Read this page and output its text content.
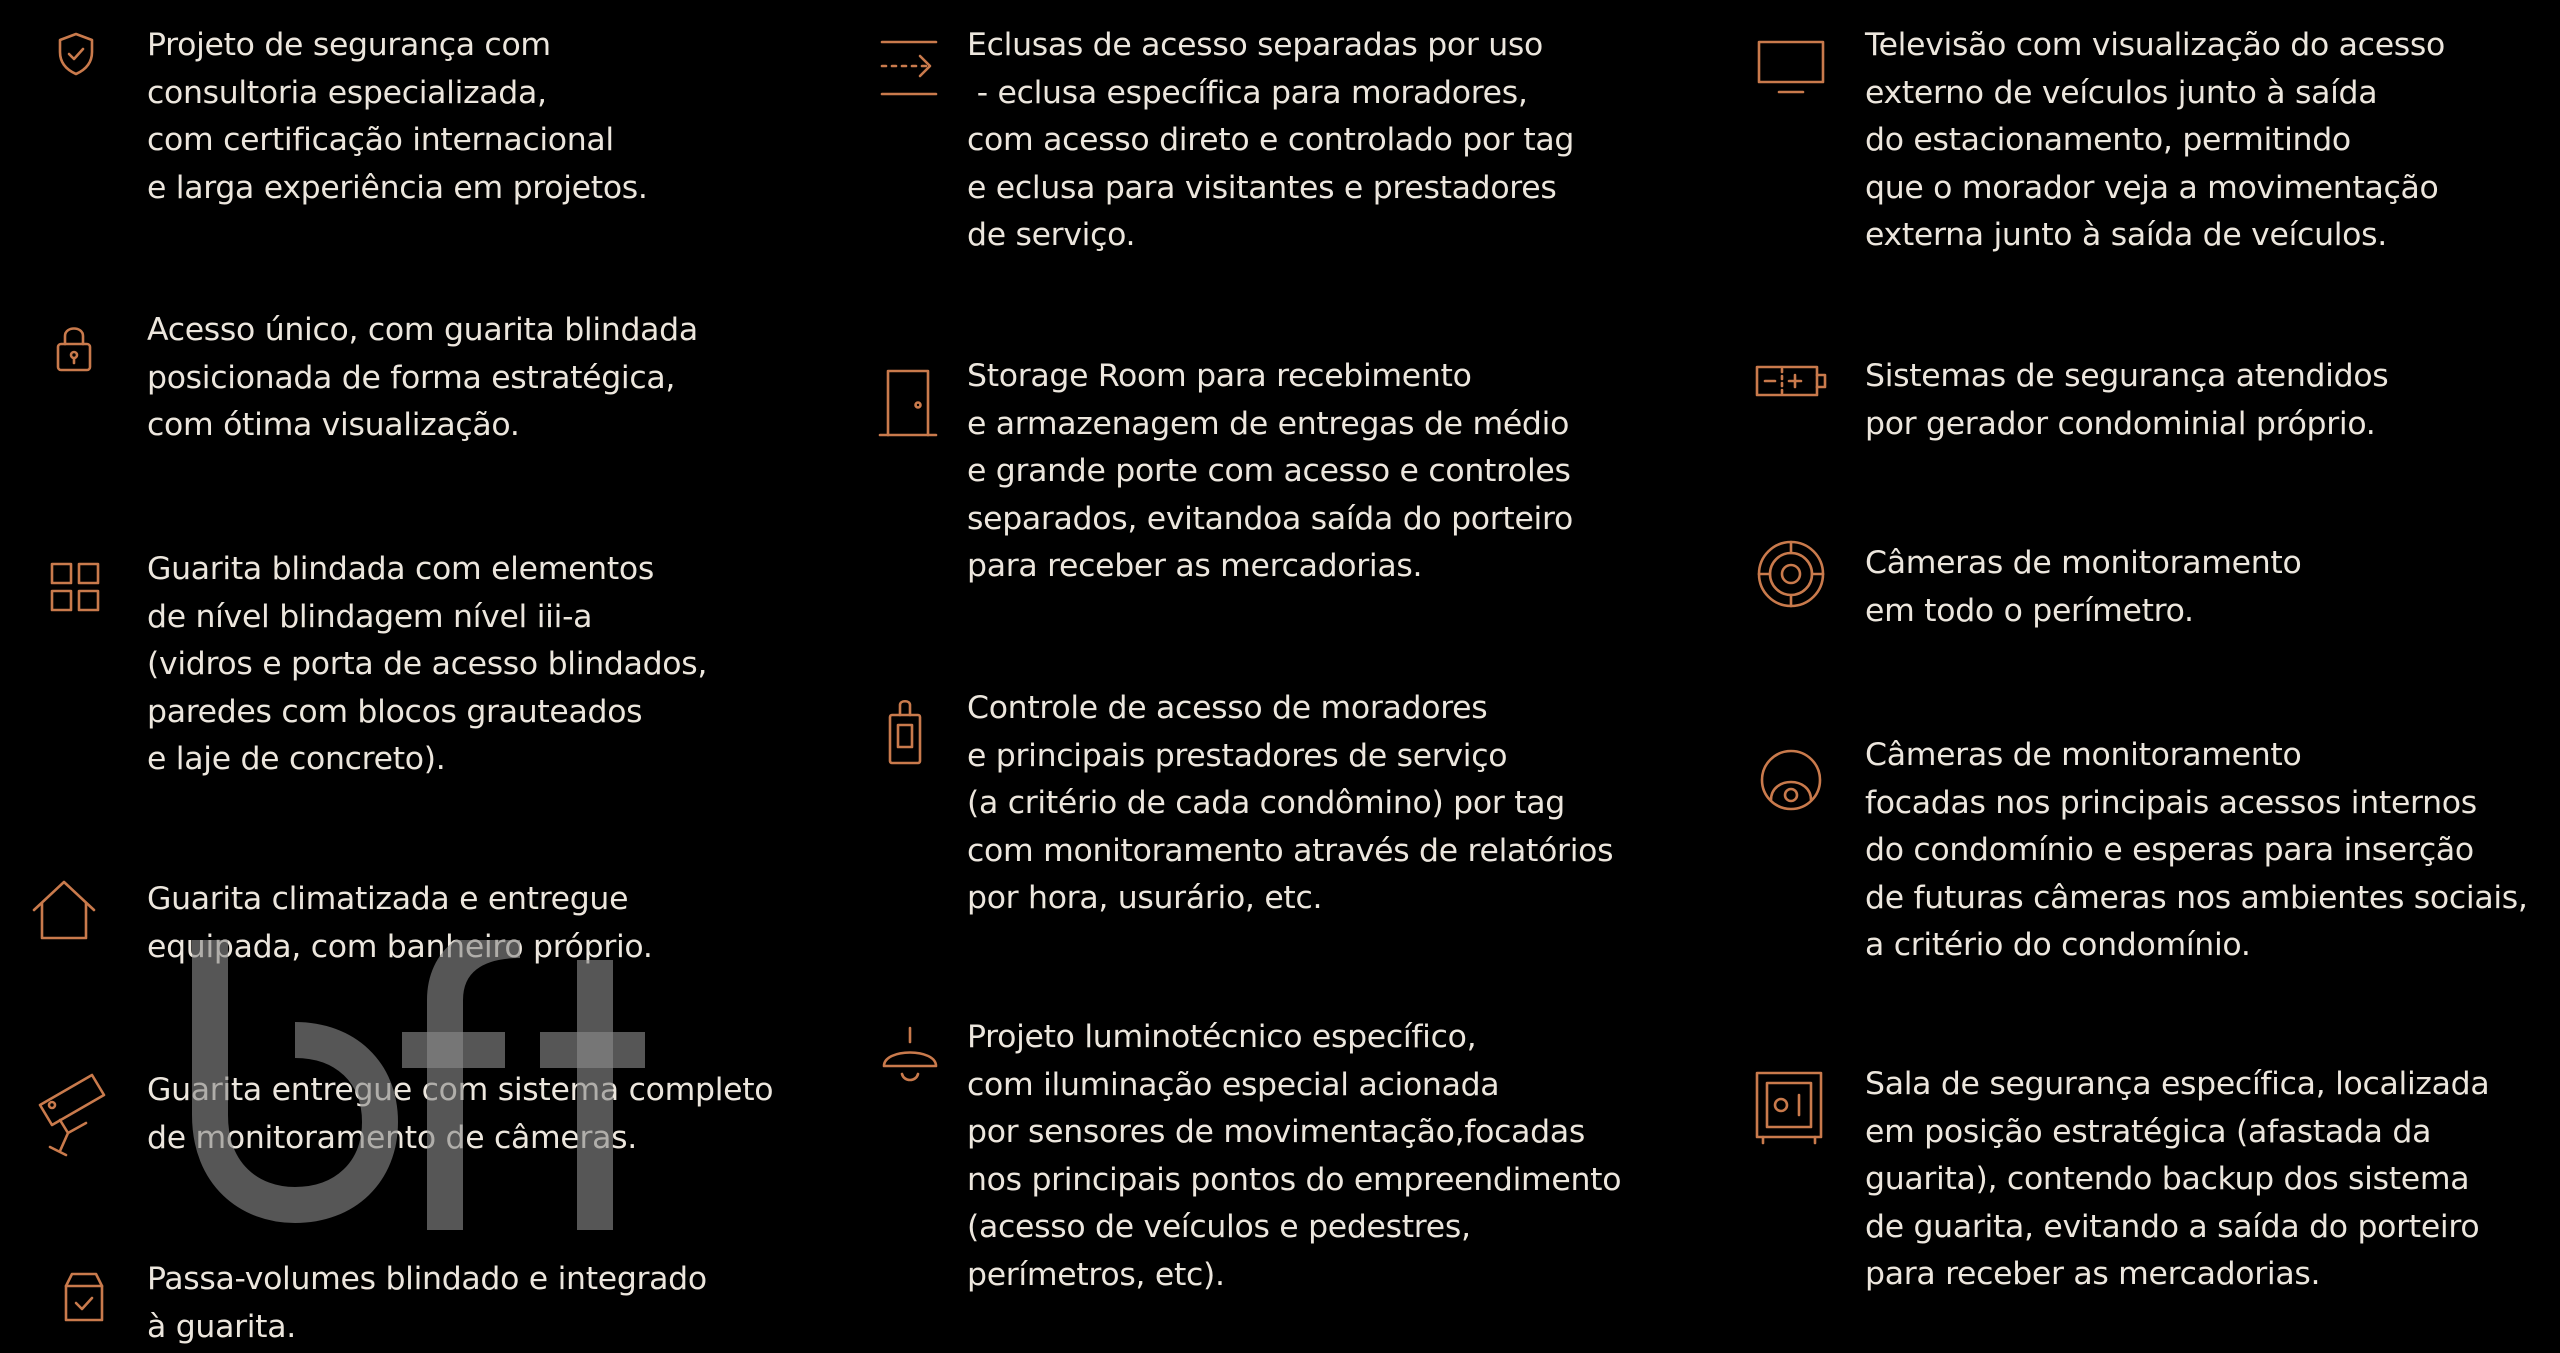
Projeto de segurança com
consultoria especializada,
com certificação internacional
e larga experiência em projetos.
Acesso único, com guarita blindada
posicionada de forma estratégica,
com ótima visualização.
Guarita blindada com elementos
de nível blindagem nível iii-a
(vidros e porta de acesso blindados,
paredes com blocos grauteados
e laje de concreto).
Guarita climatizada e entregue
equipada, com banheiro próprio.
Guarita entregue com sistema completo
de monitoramento de câmeras.
Passa-volumes blindado e integrado
à guarita.
Eclusas de acesso separadas por uso
- eclusa específica para moradores,
com acesso direto e controlado por tag
e eclusa para visitantes e prestadores
de serviço.
Storage Room para recebimento
e armazenagem de entregas de médio
e grande porte com acesso e controles
separados, evitandoa saída do porteiro
para receber as mercadorias.
Controle de acesso de moradores
e principais prestadores de serviço
(a critério de cada condômino) por tag
com monitoramento através de relatórios
por hora, usurário, etc.
Projeto luminotécnico específico,
com iluminação especial acionada
por sensores de movimentação,focadas
nos principais pontos do empreendimento
(acesso de veículos e pedestres,
perímetros, etc).
Televisão com visualização do acesso
externo de veículos junto à saída
do estacionamento, permitindo
que o morador veja a movimentação
externa junto à saída de veículos.
Sistemas de segurança atendidos
por gerador condominial próprio.
Câmeras de monitoramento
em todo o perímetro.
Câmeras de monitoramento
focadas nos principais acessos internos
do condomínio e esperas para inserção
de futuras câmeras nos ambientes sociais,
a critério do condomínio.
Sala de segurança específica, localizada
em posição estratégica (afastada da
guarita), contendo backup dos sistema
de guarita, evitando a saída do porteiro
para receber as mercadorias.
